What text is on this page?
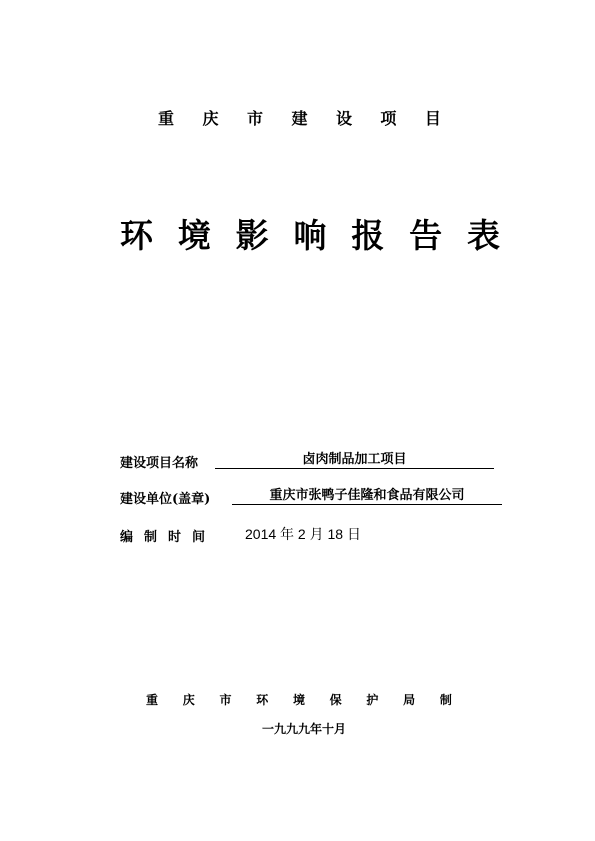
重 庆 市 建 设 项 目
环 境 影 响 报 告 表
建设项目名称	卤肉制品加工项目
建设单位(盖章)	重庆市张鸭子佳隆和食品有限公司
编 制 时 间	2014 年 2 月 18 日
重 庆 市 环 境 保 护 局 制
一九九九年十月
